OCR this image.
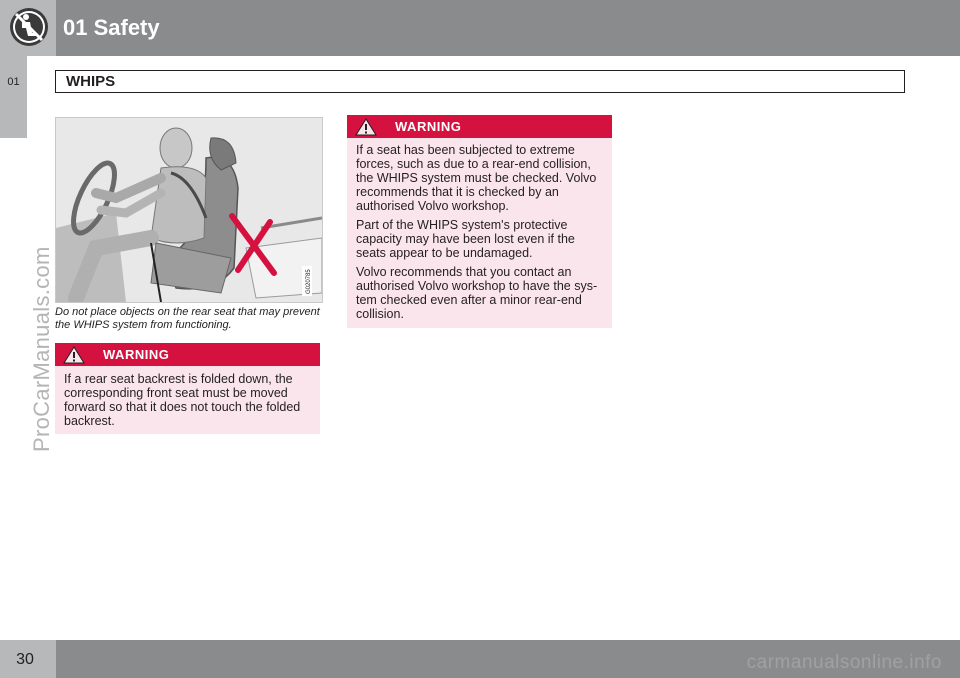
01 Safety
01	WHIPS
ProCarManuals.com	G020785
Do not place objects on the rear seat that may prevent the WHIPS system from functioning.
WARNING

If a rear seat backrest is folded down, the corresponding front seat must be moved forward so that it does not touch the folded backrest.

WARNING

If a seat has been subjected to extreme forces, such as due to a rear-end collision, the WHIPS system must be checked. Volvo recommends that it is checked by an authorised Volvo workshop.

Part of the WHIPS system's protective capacity may have been lost even if the seats appear to be undamaged.

Volvo recommends that you contact an authorised Volvo workshop to have the sys-tem checked even after a minor rear-end collision.

30	carmanualsonline.info
